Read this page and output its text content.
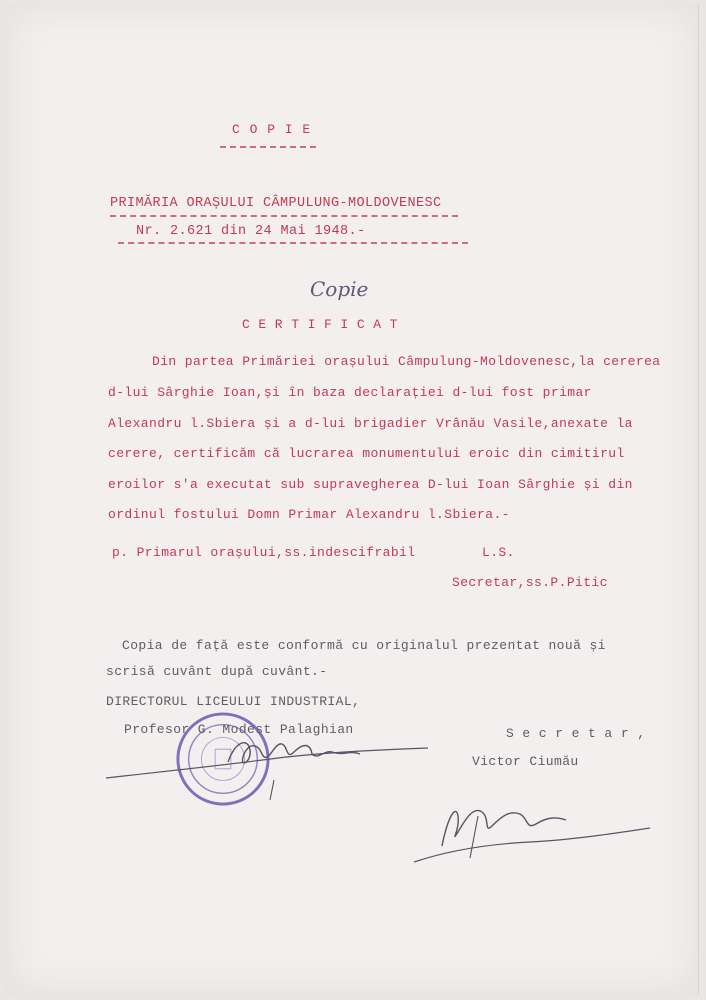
C O P I E
PRIMĂRIA ORAȘULUI CÂMPULUNG-MOLDOVENESC
Nr. 2.621 din 24 Mai 1948.-
Copie
C E R T I F I C A T
Din partea Primăriei orașului Câmpulung-Moldovenesc,la cererea
d-lui Sârghie Ioan,și în baza declarației d-lui fost primar
Alexandru l.Sbiera și a d-lui brigadier Vrânău Vasile,anexate la
cerere, certificăm că lucrarea monumentului eroic din cimitirul
eroilor s'a executat sub supravegherea D-lui Ioan Sârghie și din
ordinul fostului Domn Primar Alexandru l.Sbiera.-
p. Primarul orașului,ss.indescifrabil	L.S.
Secretar,ss.P.Pitic
Copia de față este conformă cu originalul prezentat nouă și
scrisă cuvânt după cuvânt.-
DIRECTORUL LICEULUI INDUSTRIAL,
Profesor G. Modest Palaghian	S e c r e t a r ,
Victor Ciumău
